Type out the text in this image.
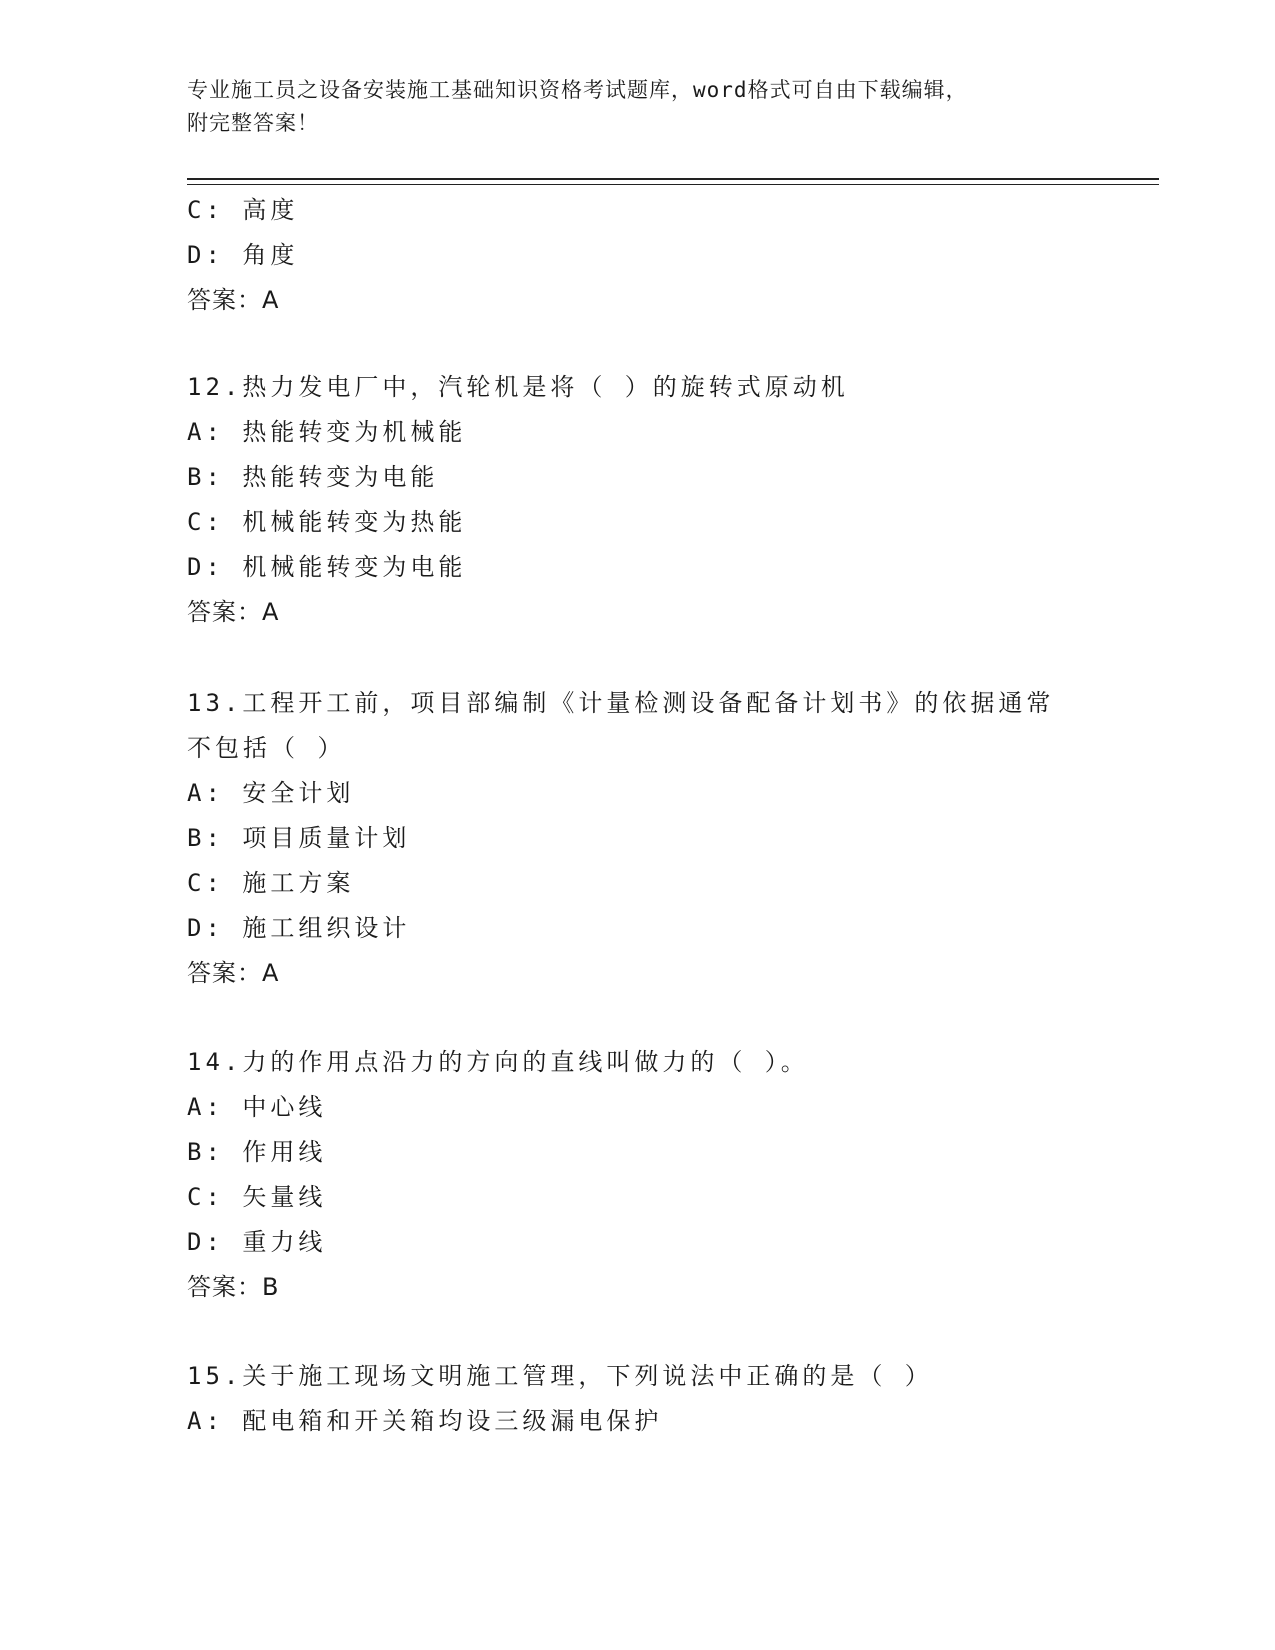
专业施工员之设备安装施工基础知识资格考试题库，word格式可自由下载编辑，
附完整答案！
C: 高度
D: 角度
答案：A
12.热力发电厂中，汽轮机是将（ ）的旋转式原动机
A: 热能转变为机械能
B: 热能转变为电能
C: 机械能转变为热能
D: 机械能转变为电能
答案：A
13.工程开工前，项目部编制《计量检测设备配备计划书》的依据通常
不包括（ ）
A: 安全计划
B: 项目质量计划
C: 施工方案
D: 施工组织设计
答案：A
14.力的作用点沿力的方向的直线叫做力的（ ）。
A: 中心线
B: 作用线
C: 矢量线
D: 重力线
答案：B
15.关于施工现场文明施工管理，下列说法中正确的是（ ）
A: 配电箱和开关箱均设三级漏电保护
